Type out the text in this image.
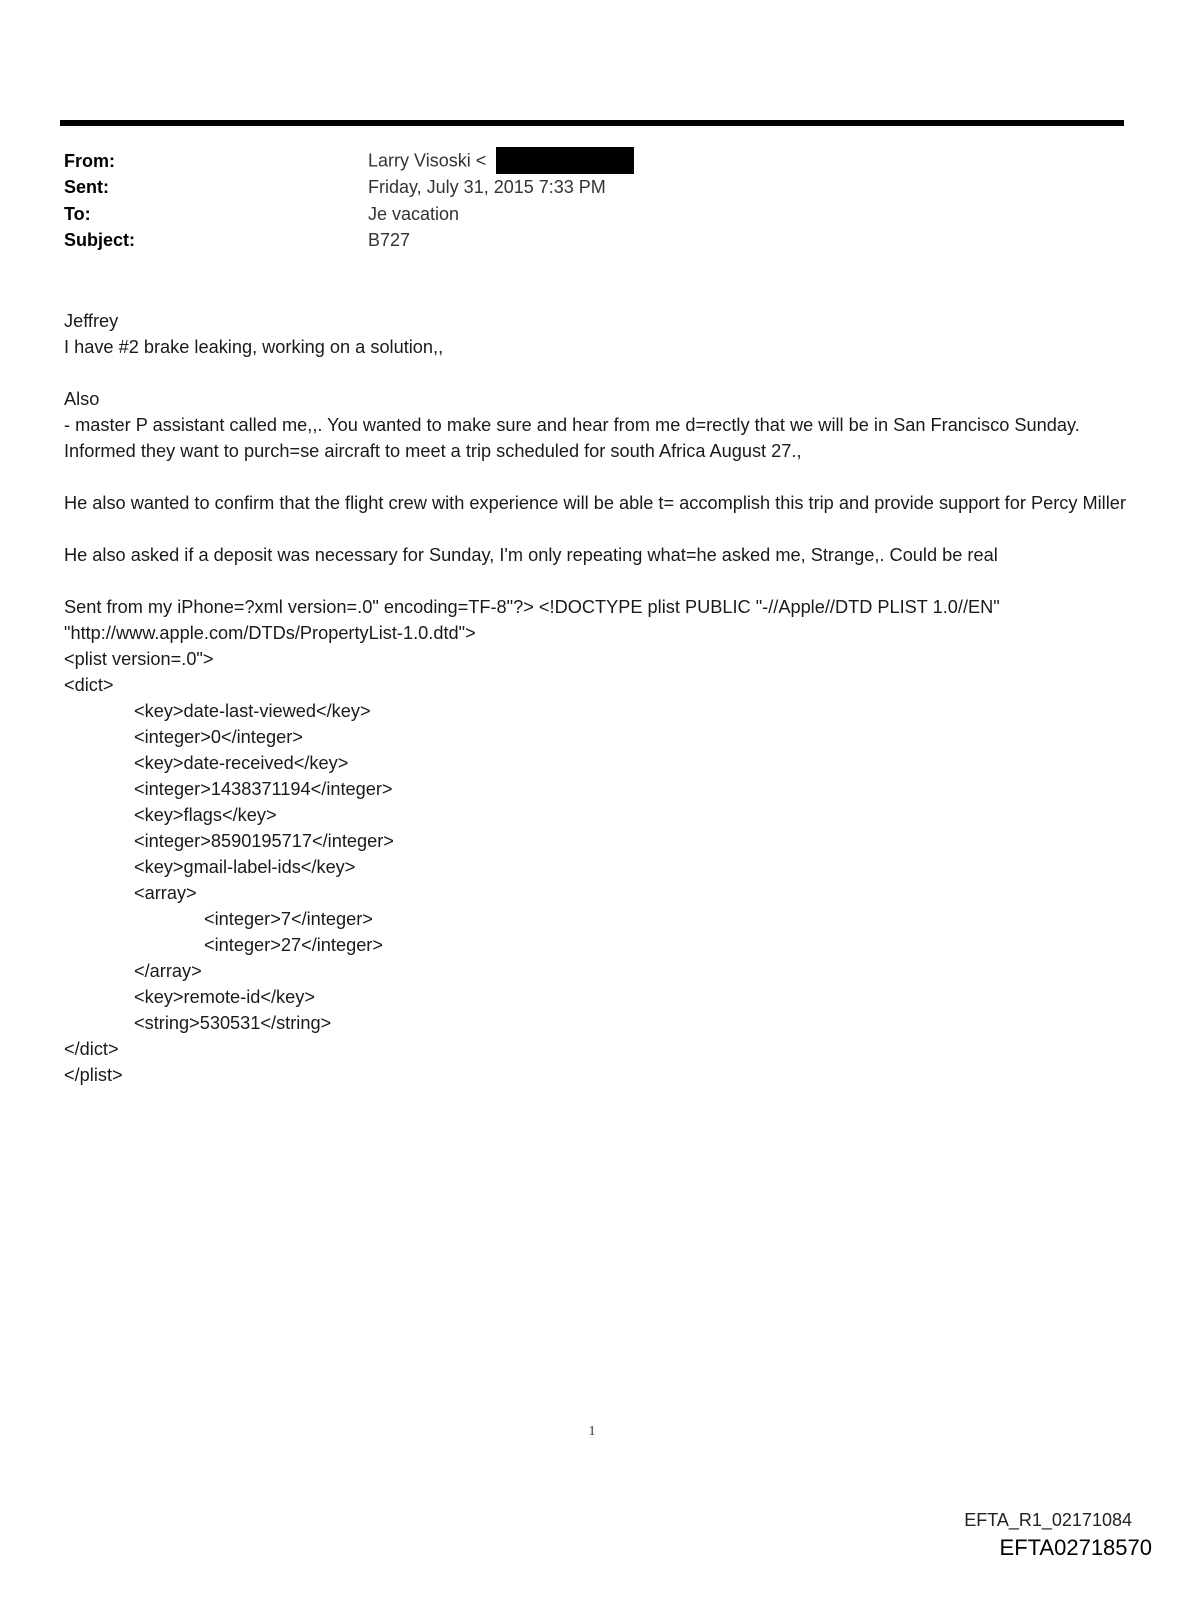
From:	Larry Visoski <
Sent:	Friday, July 31, 2015 7:33 PM
To:	Je vacation
Subject:	B727

Jeffrey

I have #2 brake leaking, working on a solution,,

Also

- master P assistant called me,,. You wanted to make sure and hear from me d=rectly that we will be in San Francisco Sunday. Informed they want to purch=se aircraft to meet a trip scheduled for south Africa August 27.,

He also wanted to confirm that the flight crew with experience will be able t= accomplish this trip and provide support for Percy Miller

He also asked if a deposit was necessary for Sunday, I'm only repeating what=he asked me, Strange,. Could be real

Sent from my iPhone=?xml version=.0" encoding=TF-8"?> <!DOCTYPE plist PUBLIC "-//Apple//DTD PLIST 1.0//EN" "http://www.apple.com/DTDs/PropertyList-1.0.dtd">

<plist version=.0">

<dict>

<key>date-last-viewed</key>

<integer>0</integer>

<key>date-received</key>

<integer>1438371194</integer>

<key>flags</key>

<integer>8590195717</integer>

<key>gmail-label-ids</key>

<array>

<integer>7</integer>

<integer>27</integer>

</array>

<key>remote-id</key>

<string>530531</string>

</dict>

</plist>

1
EFTA_R1_02171084
EFTA02718570
